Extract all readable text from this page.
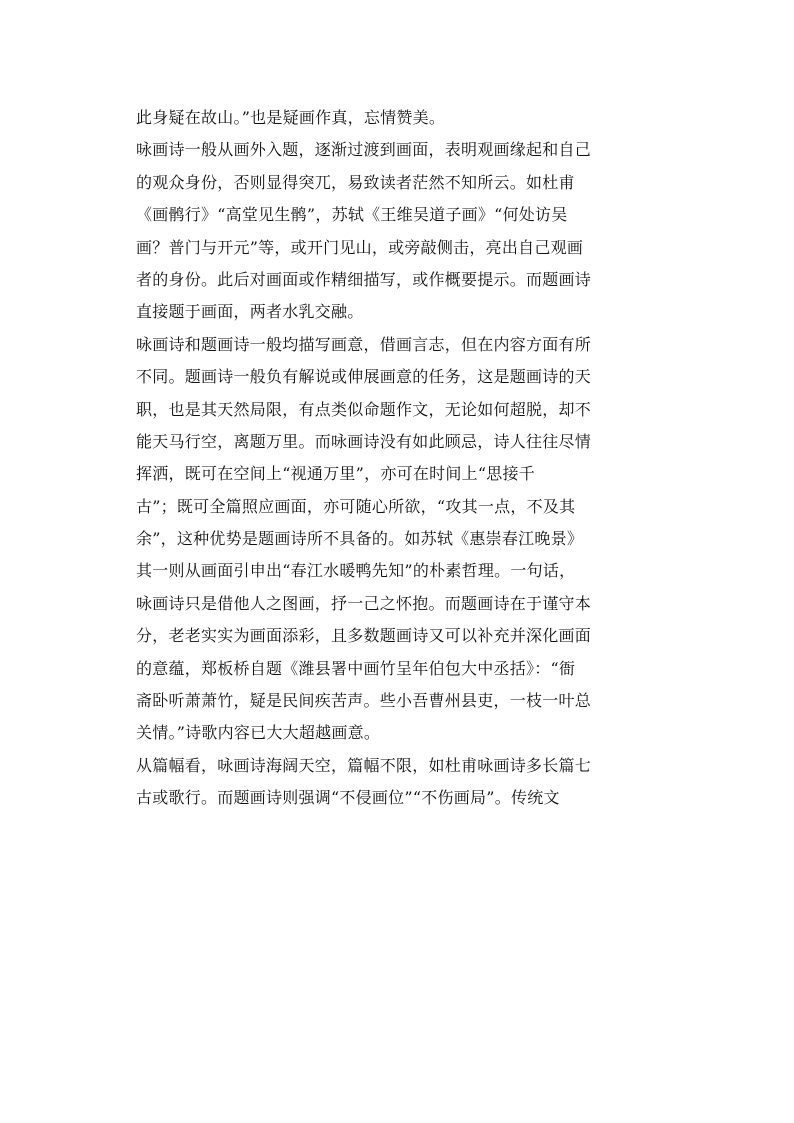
此身疑在故山。”也是疑画作真，忘情赞美。
咏画诗一般从画外入题，逐渐过渡到画面，表明观画缘起和自己
的观众身份，否则显得突兀，易致读者茫然不知所云。如杜甫
《画鹘行》“高堂见生鹘”，苏轼《王维吴道子画》“何处访吴
画？普门与开元”等，或开门见山，或旁敲侧击，亮出自己观画
者的身份。此后对画面或作精细描写，或作概要提示。而题画诗
直接题于画面，两者水乳交融。
咏画诗和题画诗一般均描写画意，借画言志，但在内容方面有所
不同。题画诗一般负有解说或伸展画意的任务，这是题画诗的天
职，也是其天然局限，有点类似命题作文，无论如何超脱，却不
能天马行空，离题万里。而咏画诗没有如此顾忌，诗人往往尽情
挥洒，既可在空间上“视通万里”，亦可在时间上“思接千
古”；既可全篇照应画面，亦可随心所欲，“攻其一点，不及其
余”，这种优势是题画诗所不具备的。如苏轼《惠崇春江晚景》
其一则从画面引申出“春江水暖鸭先知”的朴素哲理。一句话，
咏画诗只是借他人之图画，抒一己之怀抱。而题画诗在于谨守本
分，老老实实为画面添彩，且多数题画诗又可以补充并深化画面
的意蕴，郑板桥自题《潍县署中画竹呈年伯包大中丞括》：“衙
斋卧听萧萧竹，疑是民间疾苦声。些小吾曹州县吏，一枝一叶总
关情。”诗歌内容已大大超越画意。
从篇幅看，咏画诗海阔天空，篇幅不限，如杜甫咏画诗多长篇七
古或歌行。而题画诗则强调“不侵画位”“不伤画局”。传统文
